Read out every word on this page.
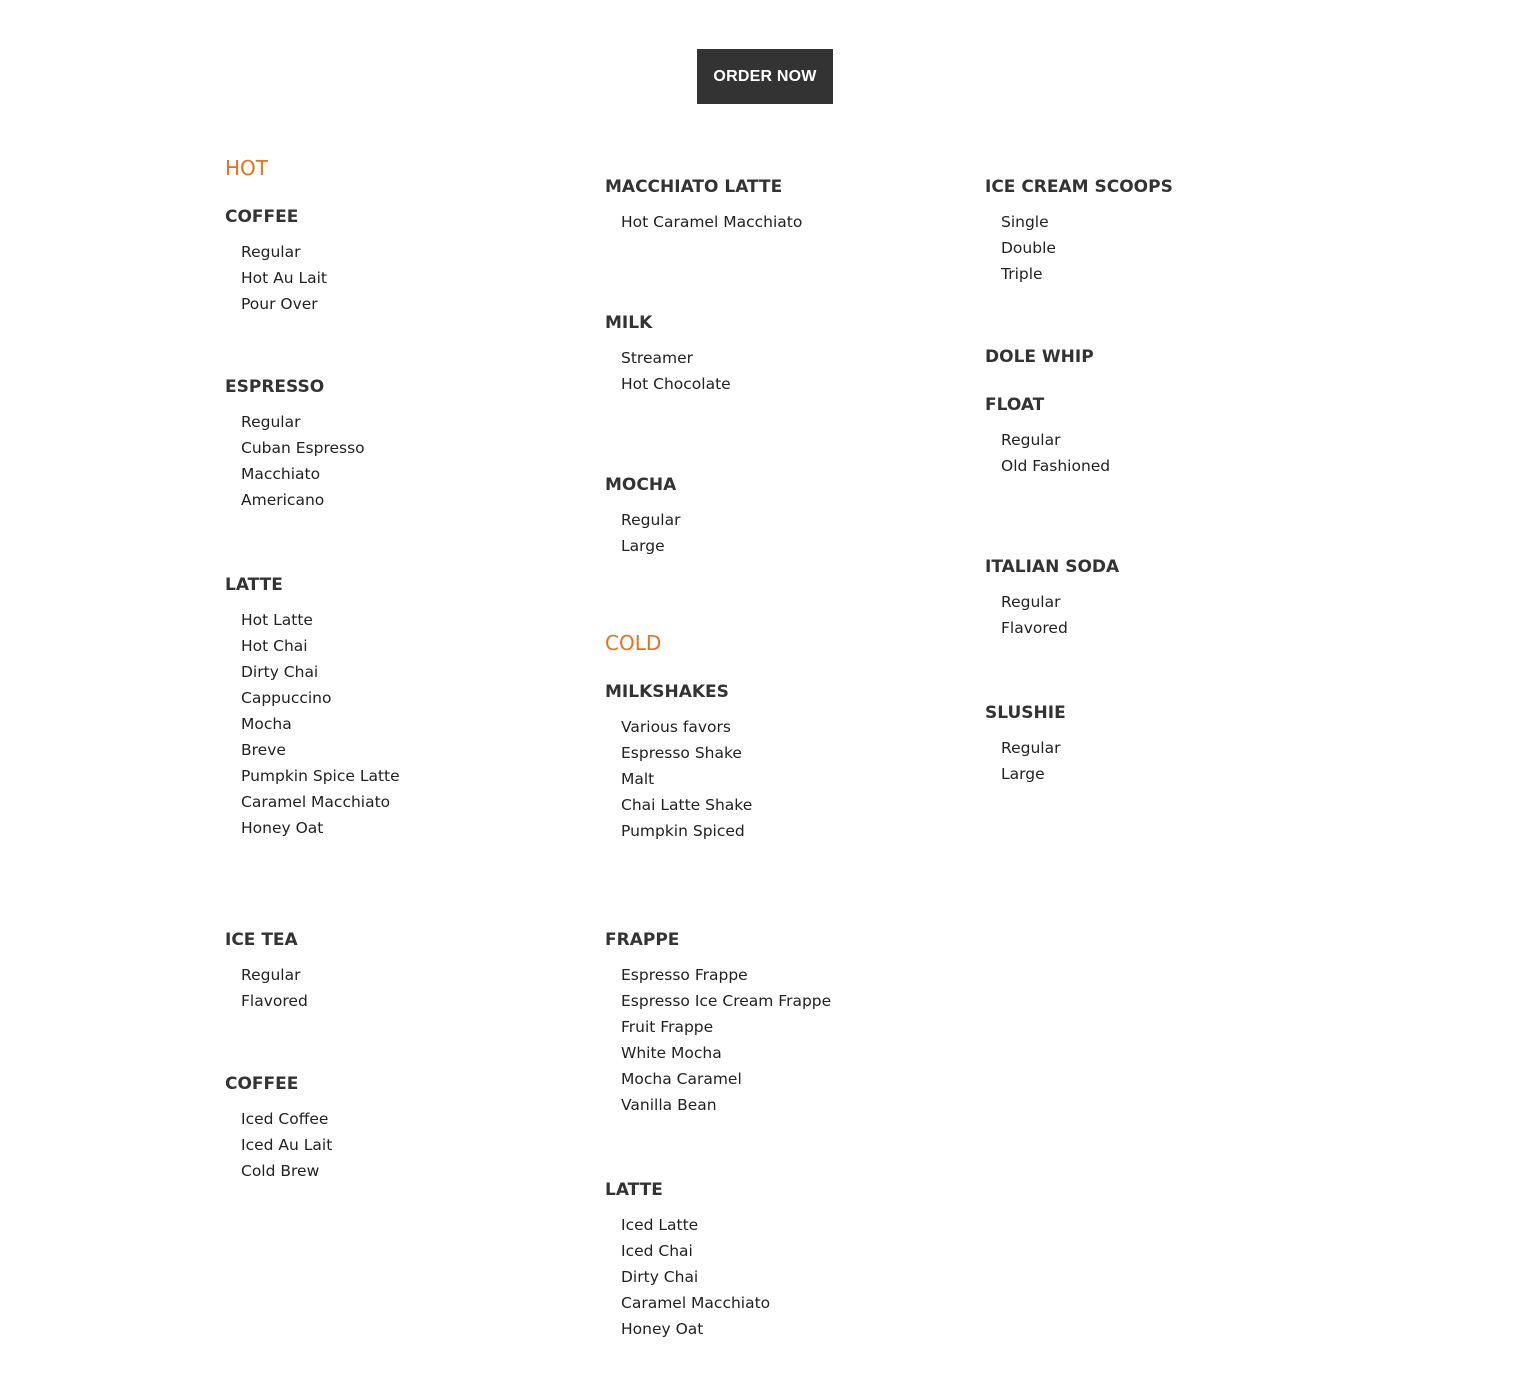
ORDER NOW
HOT
COLD
COFFEE
Regular
Hot Au Lait
Pour Over
ESPRESSO
Regular
Cuban Espresso
Macchiato
Americano
LATTE
Hot Latte
Hot Chai
Dirty Chai
Cappuccino
Mocha
Breve
Pumpkin Spice Latte
Caramel Macchiato
Honey Oat
ICE TEA
Regular
Flavored
COFFEE
Iced Coffee
Iced Au Lait
Cold Brew
MACCHIATO LATTE
Hot Caramel Macchiato
MILK
Streamer
Hot Chocolate
MOCHA
Regular
Large
MILKSHAKES
Various favors
Espresso Shake
Malt
Chai Latte Shake
Pumpkin Spiced
FRAPPE
Espresso Frappe
Espresso Ice Cream Frappe
Fruit Frappe
White Mocha
Mocha Caramel
Vanilla Bean
LATTE
Iced Latte
Iced Chai
Dirty Chai
Caramel Macchiato
Honey Oat
ICE CREAM SCOOPS
Single
Double
Triple
DOLE WHIP
FLOAT
Regular
Old Fashioned
ITALIAN SODA
Regular
Flavored
SLUSHIE
Regular
Large
